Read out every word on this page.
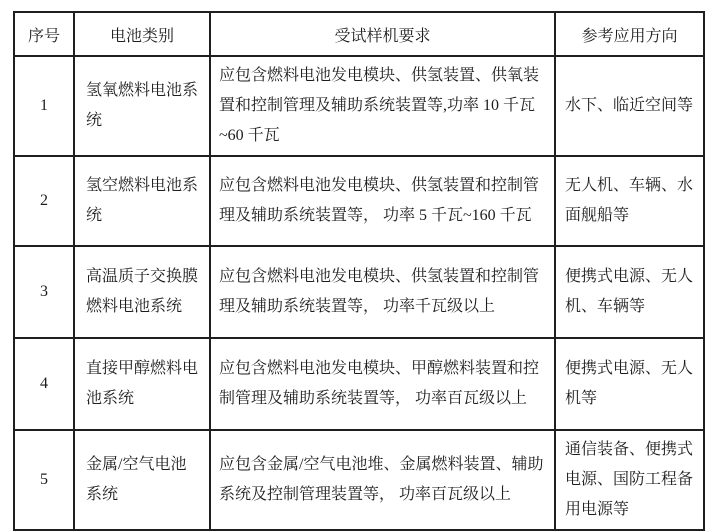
序号	电池类别	受试样机要求	参考应用方向
1	氢氧燃料电池系统	应包含燃料电池发电模块、供氢装置、供氧装置和控制管理及辅助系统装置等,功率 10 千瓦~60 千瓦	水下、临近空间等
2	氢空燃料电池系统	应包含燃料电池发电模块、供氢装置和控制管理及辅助系统装置等， 功率 5 千瓦~160 千瓦	无人机、车辆、水面舰船等
3	高温质子交换膜燃料电池系统	应包含燃料电池发电模块、供氢装置和控制管理及辅助系统装置等， 功率千瓦级以上	便携式电源、无人机、车辆等
4	直接甲醇燃料电池系统	应包含燃料电池发电模块、甲醇燃料装置和控制管理及辅助系统装置等， 功率百瓦级以上	便携式电源、无人机等
5	金属/空气电池系统	应包含金属/空气电池堆、金属燃料装置、辅助系统及控制管理装置等， 功率百瓦级以上	通信装备、便携式电源、国防工程备用电源等
